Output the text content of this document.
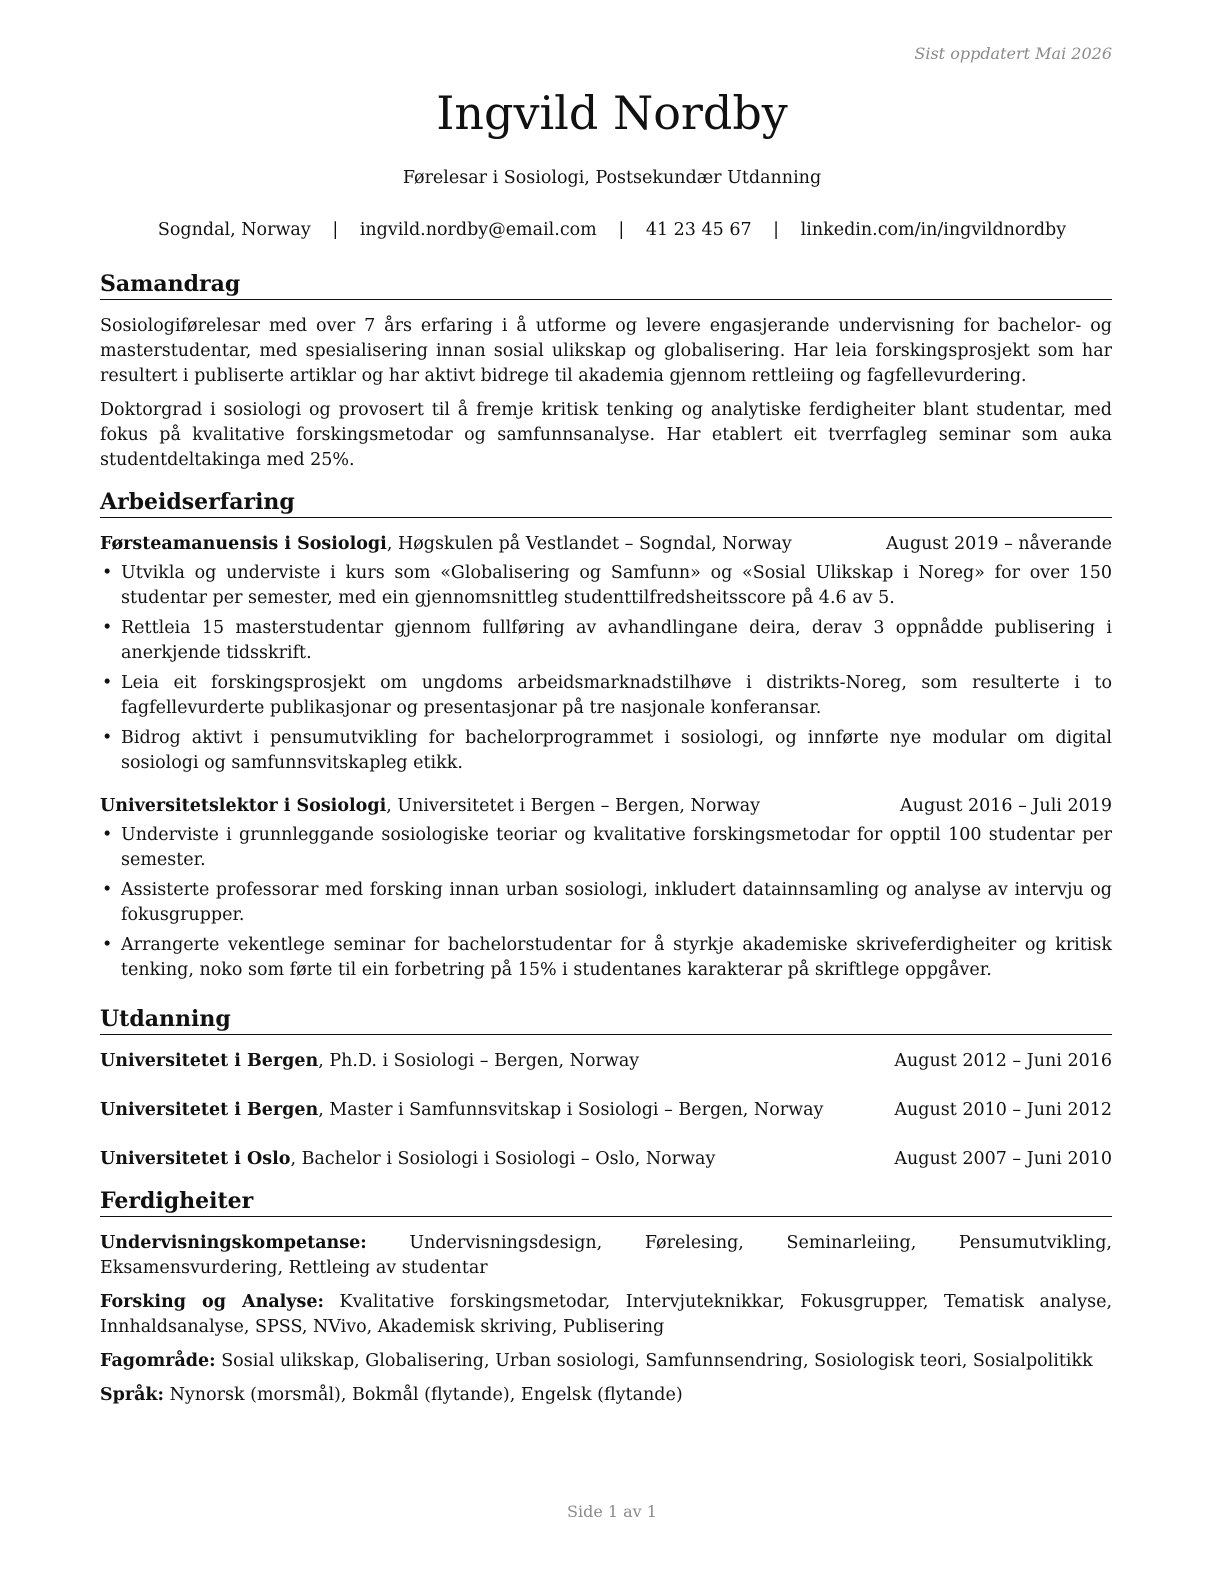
Sist oppdatert Mai 2026
Ingvild Nordby
Førelesar i Sosiologi, Postsekundær Utdanning
Sogndal, Norway | ingvild.nordby@email.com | 41 23 45 67 | linkedin.com/in/ingvildnordby
Samandrag

Sosiologiførelesar med over 7 års erfaring i å utforme og levere engasjerande undervisning for bachelor- og masterstudentar, med spesialisering innan sosial ulikskap og globalisering. Har leia forskingsprosjekt som har resultert i publiserte artiklar og har aktivt bidrege til akademia gjennom rettleiing og fagfellevurdering.

Doktorgrad i sosiologi og provosert til å fremje kritisk tenking og analytiske ferdigheiter blant studentar, med fokus på kvalitative forskingsmetodar og samfunnsanalyse. Har etablert eit tverrfagleg seminar som auka studentdeltakinga med 25%.

Arbeidserfaring
Førsteamanuensis i Sosiologi, Høgskulen på Vestlandet – Sogndal, Norway	August 2019 – nåverande
• Utvikla og underviste i kurs som «Globalisering og Samfunn» og «Sosial Ulikskap i Noreg» for over 150 studentar per semester, med ein gjennomsnittleg studenttilfredsheitsscore på 4.6 av 5.
• Rettleia 15 masterstudentar gjennom fullføring av avhandlingane deira, derav 3 oppnådde publisering i anerkjende tidsskrift.
• Leia eit forskingsprosjekt om ungdoms arbeidsmarknadstilhøve i distrikts-Noreg, som resulterte i to fagfellevurderte publikasjonar og presentasjonar på tre nasjonale konferansar.
• Bidrog aktivt i pensumutvikling for bachelorprogrammet i sosiologi, og innførte nye modular om digital sosiologi og samfunnsvitskapleg etikk.
Universitetslektor i Sosiologi, Universitetet i Bergen – Bergen, Norway	August 2016 – Juli 2019
• Underviste i grunnleggande sosiologiske teoriar og kvalitative forskingsmetodar for opptil 100 studentar per semester.
• Assisterte professorar med forsking innan urban sosiologi, inkludert datainnsamling og analyse av intervju og fokusgrupper.
• Arrangerte vekentlege seminar for bachelorstudentar for å styrkje akademiske skriveferdigheiter og kritisk tenking, noko som førte til ein forbetring på 15% i studentanes karakterar på skriftlege oppgåver.
Utdanning
Universitetet i Bergen, Ph.D. i Sosiologi – Bergen, Norway	August 2012 – Juni 2016
Universitetet i Bergen, Master i Samfunnsvitskap i Sosiologi – Bergen, Norway	August 2010 – Juni 2012
Universitetet i Oslo, Bachelor i Sosiologi i Sosiologi – Oslo, Norway	August 2007 – Juni 2010
Ferdigheiter

Undervisningskompetanse: Undervisningsdesign, Førelesing, Seminarleiing, Pensumutvikling, Eksamensvurdering, Rettleing av studentar

Forsking og Analyse: Kvalitative forskingsmetodar, Intervjuteknikkar, Fokusgrupper, Tematisk analyse, Innhaldsanalyse, SPSS, NVivo, Akademisk skriving, Publisering

Fagområde: Sosial ulikskap, Globalisering, Urban sosiologi, Samfunnsendring, Sosiologisk teori, Sosialpolitikk

Språk: Nynorsk (morsmål), Bokmål (flytande), Engelsk (flytande)

Side 1 av 1
